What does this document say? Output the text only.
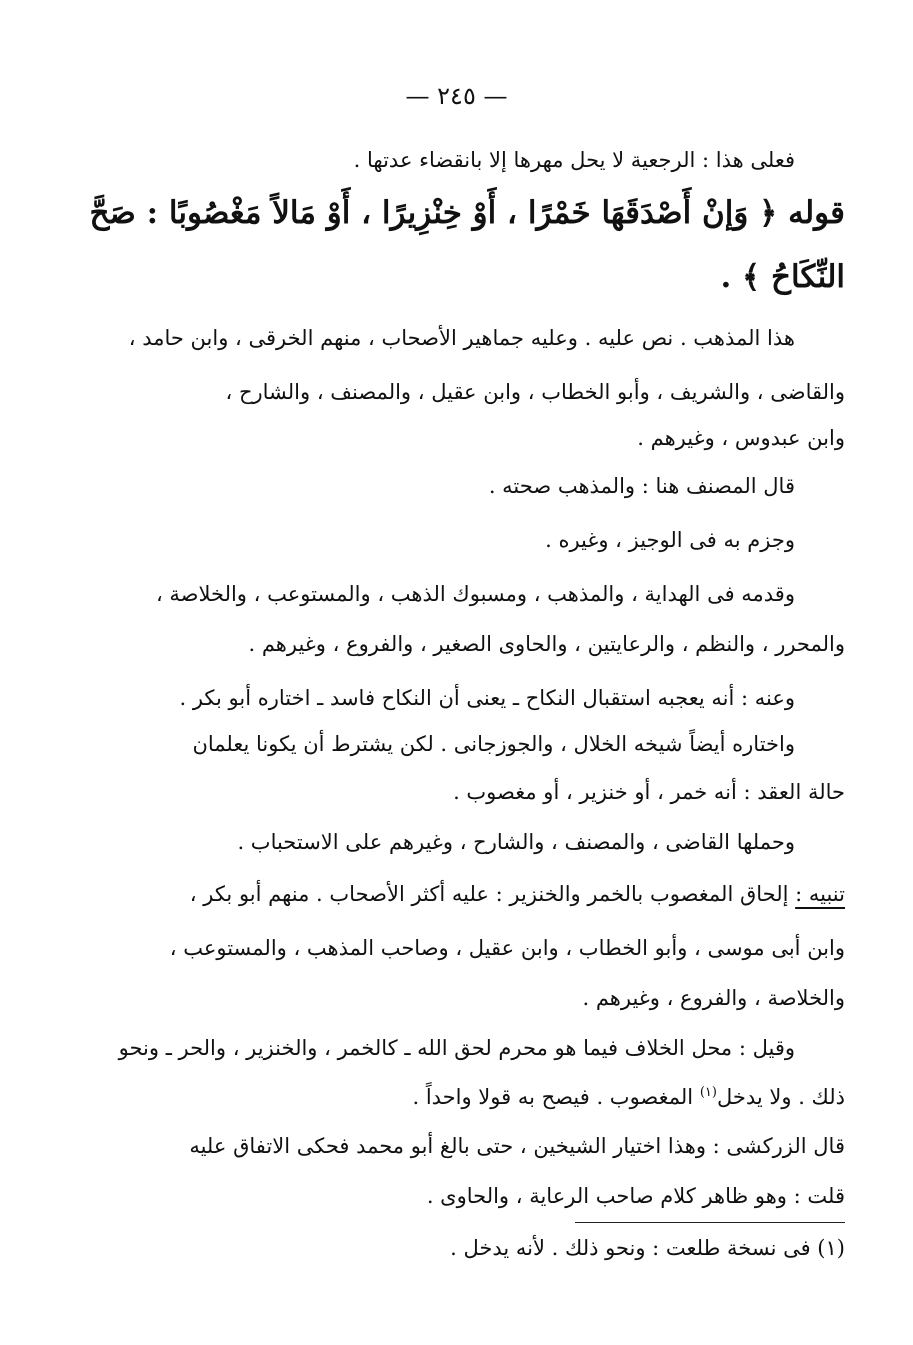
— ٢٤٥ —
فعلى هذا : الرجعية لا يحل مهرها إلا بانقضاء عدتها .
قوله ﴿ وَإنْ أَصْدَقَهَا خَمْرًا ، أَوْ خِنْزِيرًا ، أَوْ مَالاً مَغْصُوبًا : صَحَّ
النِّكَاحُ ﴾ .
هذا المذهب . نص عليه . وعليه جماهير الأصحاب ، منهم الخرقى ، وابن حامد ،
والقاضى ، والشريف ، وأبو الخطاب ، وابن عقيل ، والمصنف ، والشارح ،
وابن عبدوس ، وغيرهم .
قال المصنف هنا : والمذهب صحته .
وجزم به فى الوجيز ، وغيره .
وقدمه فى الهداية ، والمذهب ، ومسبوك الذهب ، والمستوعب ، والخلاصة ،
والمحرر ، والنظم ، والرعايتين ، والحاوى الصغير ، والفروع ، وغيرهم .
وعنه : أنه يعجبه استقبال النكاح ـ يعنى أن النكاح فاسد ـ اختاره أبو بكر .
واختاره أيضاً شيخه الخلال ، والجوزجانى . لكن يشترط أن يكونا يعلمان
حالة العقد : أنه خمر ، أو خنزير ، أو مغصوب .
وحملها القاضى ، والمصنف ، والشارح ، وغيرهم على الاستحباب .
تنبيه : إلحاق المغصوب بالخمر والخنزير : عليه أكثر الأصحاب . منهم أبو بكر ،
وابن أبى موسى ، وأبو الخطاب ، وابن عقيل ، وصاحب المذهب ، والمستوعب ،
والخلاصة ، والفروع ، وغيرهم .
وقيل : محل الخلاف فيما هو محرم لحق الله ـ كالخمر ، والخنزير ، والحر ـ ونحو
ذلك . ولا يدخل$^{(١)}$ المغصوب . فيصح به قولا واحداً .
قال الزركشى : وهذا اختيار الشيخين ، حتى بالغ أبو محمد فحكى الاتفاق عليه
قلت : وهو ظاهر كلام صاحب الرعاية ، والحاوى .
(١) فى نسخة طلعت : ونحو ذلك . لأنه يدخل .
